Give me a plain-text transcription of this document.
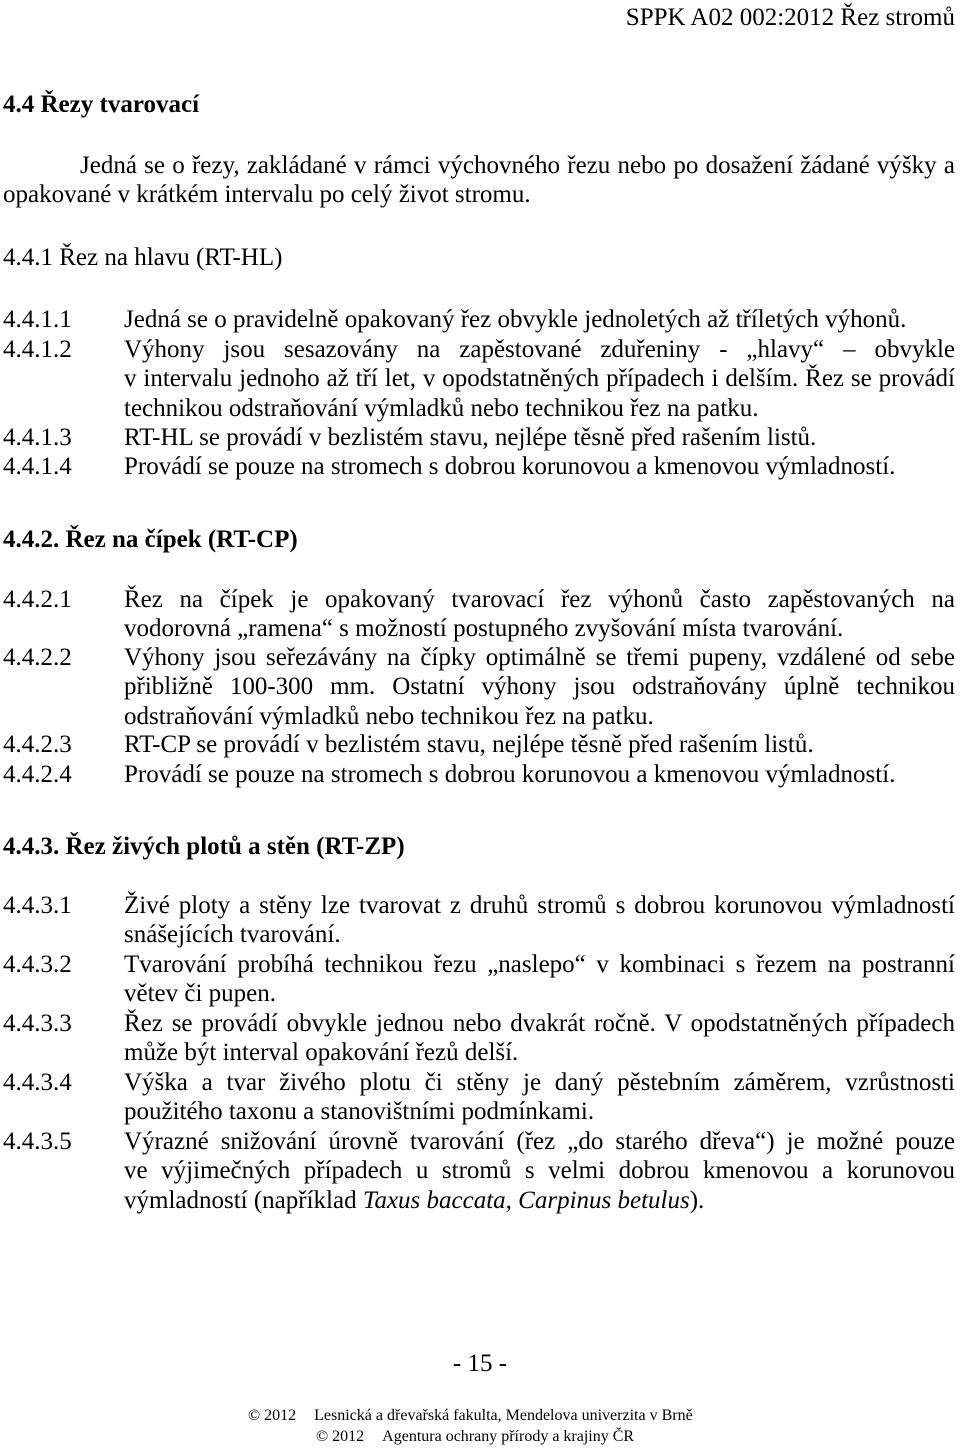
SPPK A02 002:2012 Řez stromů
4.4 Řezy tvarovací
Jedná se o řezy, zakládané v rámci výchovného řezu nebo po dosažení žádané výšky a
opakované v krátkém intervalu po celý život stromu.
4.4.1 Řez na hlavu (RT-HL)
4.4.1.1 Jedná se o pravidelně opakovaný řez obvykle jednoletých až tříletých výhonů.
4.4.1.2 Výhony jsou sesazovány na zapěstované zduřeniny - „hlavy“ – obvykle
v intervalu jednoho až tří let, v opodstatněných případech i delším. Řez se provádí
technikou odstraňování výmladků nebo technikou řez na patku.
4.4.1.3 RT-HL se provádí v bezlistém stavu, nejlépe těsně před rašením listů.
4.4.1.4 Provádí se pouze na stromech s dobrou korunovou a kmenovou výmladností.
4.4.2. Řez na čípek (RT-CP)
4.4.2.1 Řez na čípek je opakovaný tvarovací řez výhonů často zapěstovaných na
vodorovná „ramena“ s možností postupného zvyšování místa tvarování.
4.4.2.2 Výhony jsou seřezávány na čípky optimálně se třemi pupeny, vzdálené od sebe
přibližně 100-300 mm. Ostatní výhony jsou odstraňovány úplně technikou
odstraňování výmladků nebo technikou řez na patku.
4.4.2.3 RT-CP se provádí v bezlistém stavu, nejlépe těsně před rašením listů.
4.4.2.4 Provádí se pouze na stromech s dobrou korunovou a kmenovou výmladností.
4.4.3. Řez živých plotů a stěn (RT-ZP)
4.4.3.1 Živé ploty a stěny lze tvarovat z druhů stromů s dobrou korunovou výmladností
snášejících tvarování.
4.4.3.2 Tvarování probíhá technikou řezu „naslepo“ v kombinaci s řezem na postranní
větev či pupen.
4.4.3.3 Řez se provádí obvykle jednou nebo dvakrát ročně. V opodstatněných případech
může být interval opakování řezů delší.
4.4.3.4 Výška a tvar živého plotu či stěny je daný pěstebním záměrem, vzrůstnosti
použitého taxonu a stanovištními podmínkami.
4.4.3.5 Výrazné snižování úrovně tvarování (řez „do starého dřeva“) je možné pouze
ve výjimečných případech u stromů s velmi dobrou kmenovou a korunovou
výmladností (například Taxus baccata, Carpinus betulus).
- 15 -
© 2012 Lesnická a dřevařská fakulta, Mendelova univerzita v Brně
© 2012 Agentura ochrany přírody a krajiny ČR
